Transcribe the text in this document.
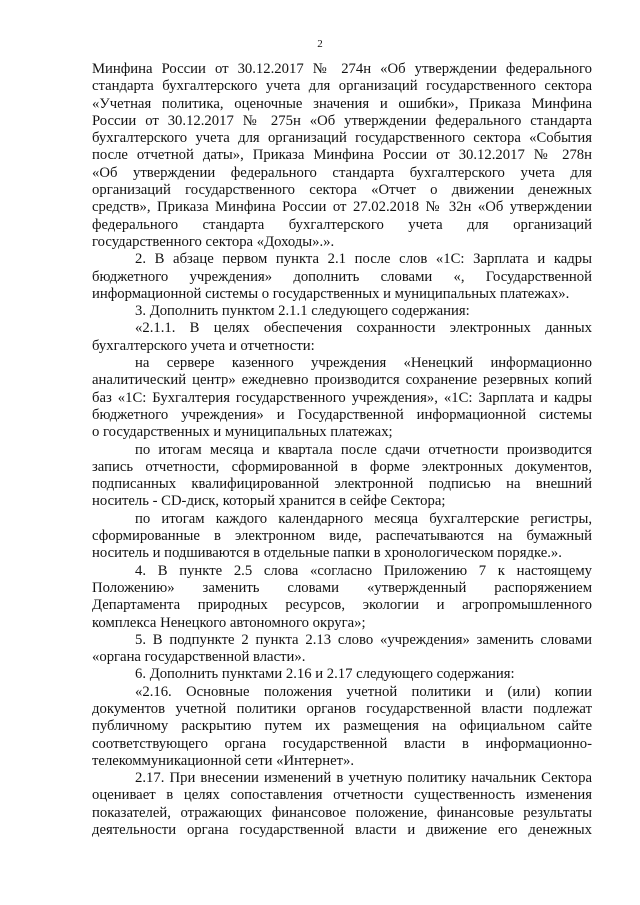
2
Минфина России от 30.12.2017 № 274н «Об утверждении федерального
стандарта бухгалтерского учета для организаций государственного сектора
«Учетная политика, оценочные значения и ошибки», Приказа Минфина
России от 30.12.2017 № 275н «Об утверждении федерального стандарта
бухгалтерского учета для организаций государственного сектора «События
после отчетной даты», Приказа Минфина России от 30.12.2017 № 278н
«Об утверждении федерального стандарта бухгалтерского учета для
организаций государственного сектора «Отчет о движении денежных
средств», Приказа Минфина России от 27.02.2018 № 32н «Об утверждении
федерального стандарта бухгалтерского учета для организаций
государственного сектора «Доходы».».
2. В абзаце первом пункта 2.1 после слов «1С: Зарплата и кадры
бюджетного учреждения» дополнить словами «, Государственной
информационной системы о государственных и муниципальных платежах».
3. Дополнить пунктом 2.1.1 следующего содержания:
«2.1.1. В целях обеспечения сохранности электронных данных
бухгалтерского учета и отчетности:
на сервере казенного учреждения «Ненецкий информационно
аналитический центр» ежедневно производится сохранение резервных копий
баз «1С: Бухгалтерия государственного учреждения», «1С: Зарплата и кадры
бюджетного учреждения» и Государственной информационной системы
о государственных и муниципальных платежах;
по итогам месяца и квартала после сдачи отчетности производится
запись отчетности, сформированной в форме электронных документов,
подписанных квалифицированной электронной подписью на внешний
носитель - CD-диск, который хранится в сейфе Сектора;
по итогам каждого календарного месяца бухгалтерские регистры,
сформированные в электронном виде, распечатываются на бумажный
носитель и подшиваются в отдельные папки в хронологическом порядке.».
4. В пункте 2.5 слова «согласно Приложению 7 к настоящему
Положению» заменить словами «утвержденный распоряжением
Департамента природных ресурсов, экологии и агропромышленного
комплекса Ненецкого автономного округа»;
5. В подпункте 2 пункта 2.13 слово «учреждения» заменить словами
«органа государственной власти».
6. Дополнить пунктами 2.16 и 2.17 следующего содержания:
«2.16. Основные положения учетной политики и (или) копии
документов учетной политики органов государственной власти подлежат
публичному раскрытию путем их размещения на официальном сайте
соответствующего органа государственной власти в информационно-
телекоммуникационной сети «Интернет».
2.17. При внесении изменений в учетную политику начальник Сектора
оценивает в целях сопоставления отчетности существенность изменения
показателей, отражающих финансовое положение, финансовые результаты
деятельности органа государственной власти и движение его денежных
